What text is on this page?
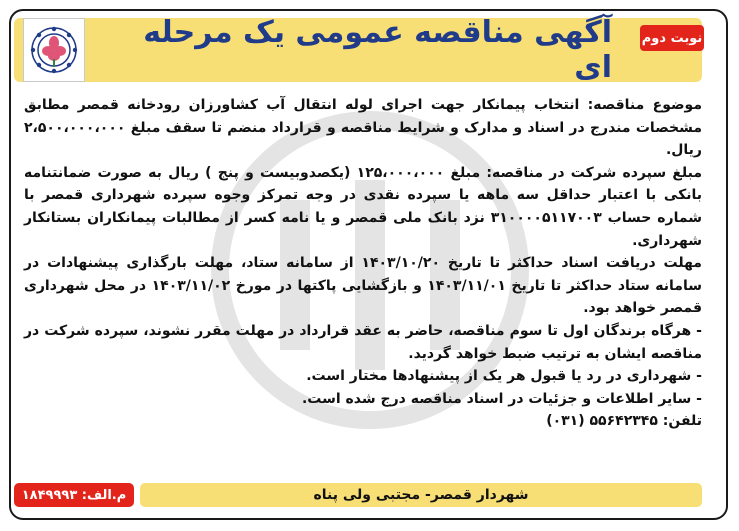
آگهی مناقصه عمومی یک مرحله ای
نوبت دوم

موضوع مناقصه: انتخاب پیمانکار جهت اجرای لوله انتقال آب کشاورزان رودخانه قمصر مطابق مشخصات مندرج در اسناد و مدارک و شرایط مناقصه و قرارداد منضم تا سقف مبلغ ۲،۵۰۰،۰۰۰،۰۰۰ ریال.

مبلغ سپرده شرکت در مناقصه: مبلغ ۱۲۵،۰۰۰،۰۰۰ (یکصدوبیست و پنج ) ریال به صورت ضمانتنامه بانکی با اعتبار حداقل سه ماهه یا سپرده نقدی در وجه تمرکز وجوه سپرده شهرداری قمصر با شماره حساب ۳۱۰۰۰۰۵۱۱۷۰۰۳ نزد بانک ملی قمصر و یا نامه کسر از مطالبات پیمانکاران بستانکار شهرداری.

مهلت دریافت اسناد حداکثر تا تاریخ ۱۴۰۳/۱۰/۲۰ از سامانه ستاد، مهلت بارگذاری پیشنهادات در سامانه ستاد حداکثر تا تاریخ ۱۴۰۳/۱۱/۰۱ و بازگشایی پاکتها در مورخ ۱۴۰۳/۱۱/۰۲ در محل شهرداری قمصر خواهد بود.

- هرگاه برندگان اول تا سوم مناقصه، حاضر به عقد قرارداد در مهلت مقرر نشوند، سپرده شرکت در مناقصه ایشان به ترتیب ضبط خواهد گردید.

- شهرداری در رد یا قبول هر یک از پیشنهادها مختار است.

- سایر اطلاعات و جزئیات در اسناد مناقصه درج شده است.

تلفن: ۵۵۶۴۲۳۴۵ (۰۳۱)

شهردار قمصر- مجتبی ولی پناه
م.الف: ۱۸۴۹۹۹۳
